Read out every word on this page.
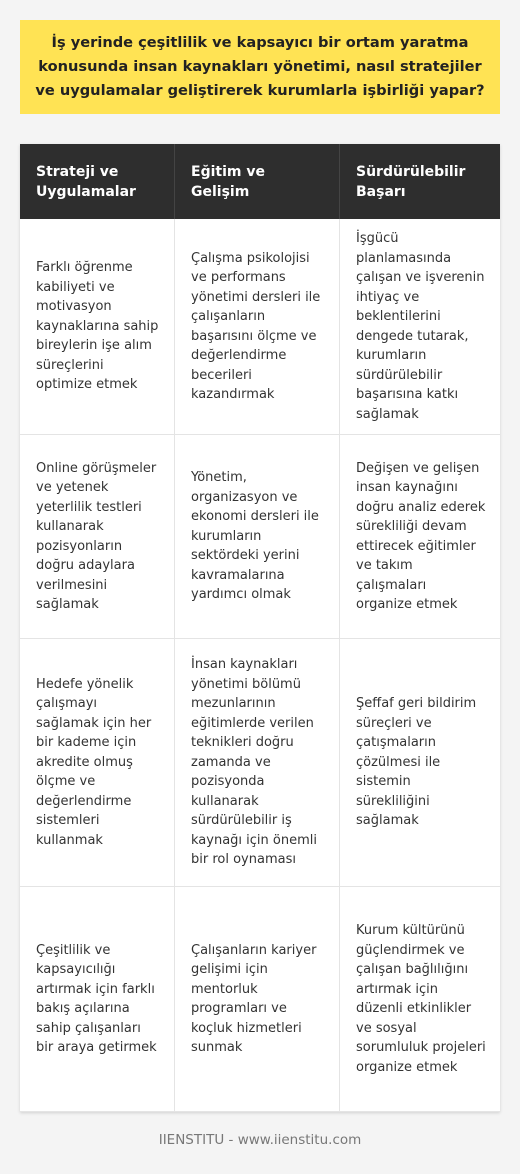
İş yerinde çeşitlilik ve kapsayıcı bir ortam yaratma konusunda insan kaynakları yönetimi, nasıl stratejiler ve uygulamalar geliştirerek kurumlarla işbirliği yapar?
Strateji ve Uygulamalar
Eğitim ve Gelişim
Sürdürülebilir Başarı
Farklı öğrenme kabiliyeti ve motivasyon kaynaklarına sahip bireylerin işe alım süreçlerini optimize etmek
Çalışma psikolojisi ve performans yönetimi dersleri ile çalışanların başarısını ölçme ve değerlendirme becerileri kazandırmak
İşgücü planlamasında çalışan ve işverenin ihtiyaç ve beklentilerini dengede tutarak, kurumların sürdürülebilir başarısına katkı sağlamak
Online görüşmeler ve yetenek yeterlilik testleri kullanarak pozisyonların doğru adaylara verilmesini sağlamak
Yönetim, organizasyon ve ekonomi dersleri ile kurumların sektördeki yerini kavramalarına yardımcı olmak
Değişen ve gelişen insan kaynağını doğru analiz ederek sürekliliği devam ettirecek eğitimler ve takım çalışmaları organize etmek
Hedefe yönelik çalışmayı sağlamak için her bir kademe için akredite olmuş ölçme ve değerlendirme sistemleri kullanmak
İnsan kaynakları yönetimi bölümü mezunlarının eğitimlerde verilen teknikleri doğru zamanda ve pozisyonda kullanarak sürdürülebilir iş kaynağı için önemli bir rol oynaması
Şeffaf geri bildirim süreçleri ve çatışmaların çözülmesi ile sistemin sürekliliğini sağlamak
Çeşitlilik ve kapsayıcılığı artırmak için farklı bakış açılarına sahip çalışanları bir araya getirmek
Çalışanların kariyer gelişimi için mentorluk programları ve koçluk hizmetleri sunmak
Kurum kültürünü güçlendirmek ve çalışan bağlılığını artırmak için düzenli etkinlikler ve sosyal sorumluluk projeleri organize etmek
IIENSTITU - www.iienstitu.com
